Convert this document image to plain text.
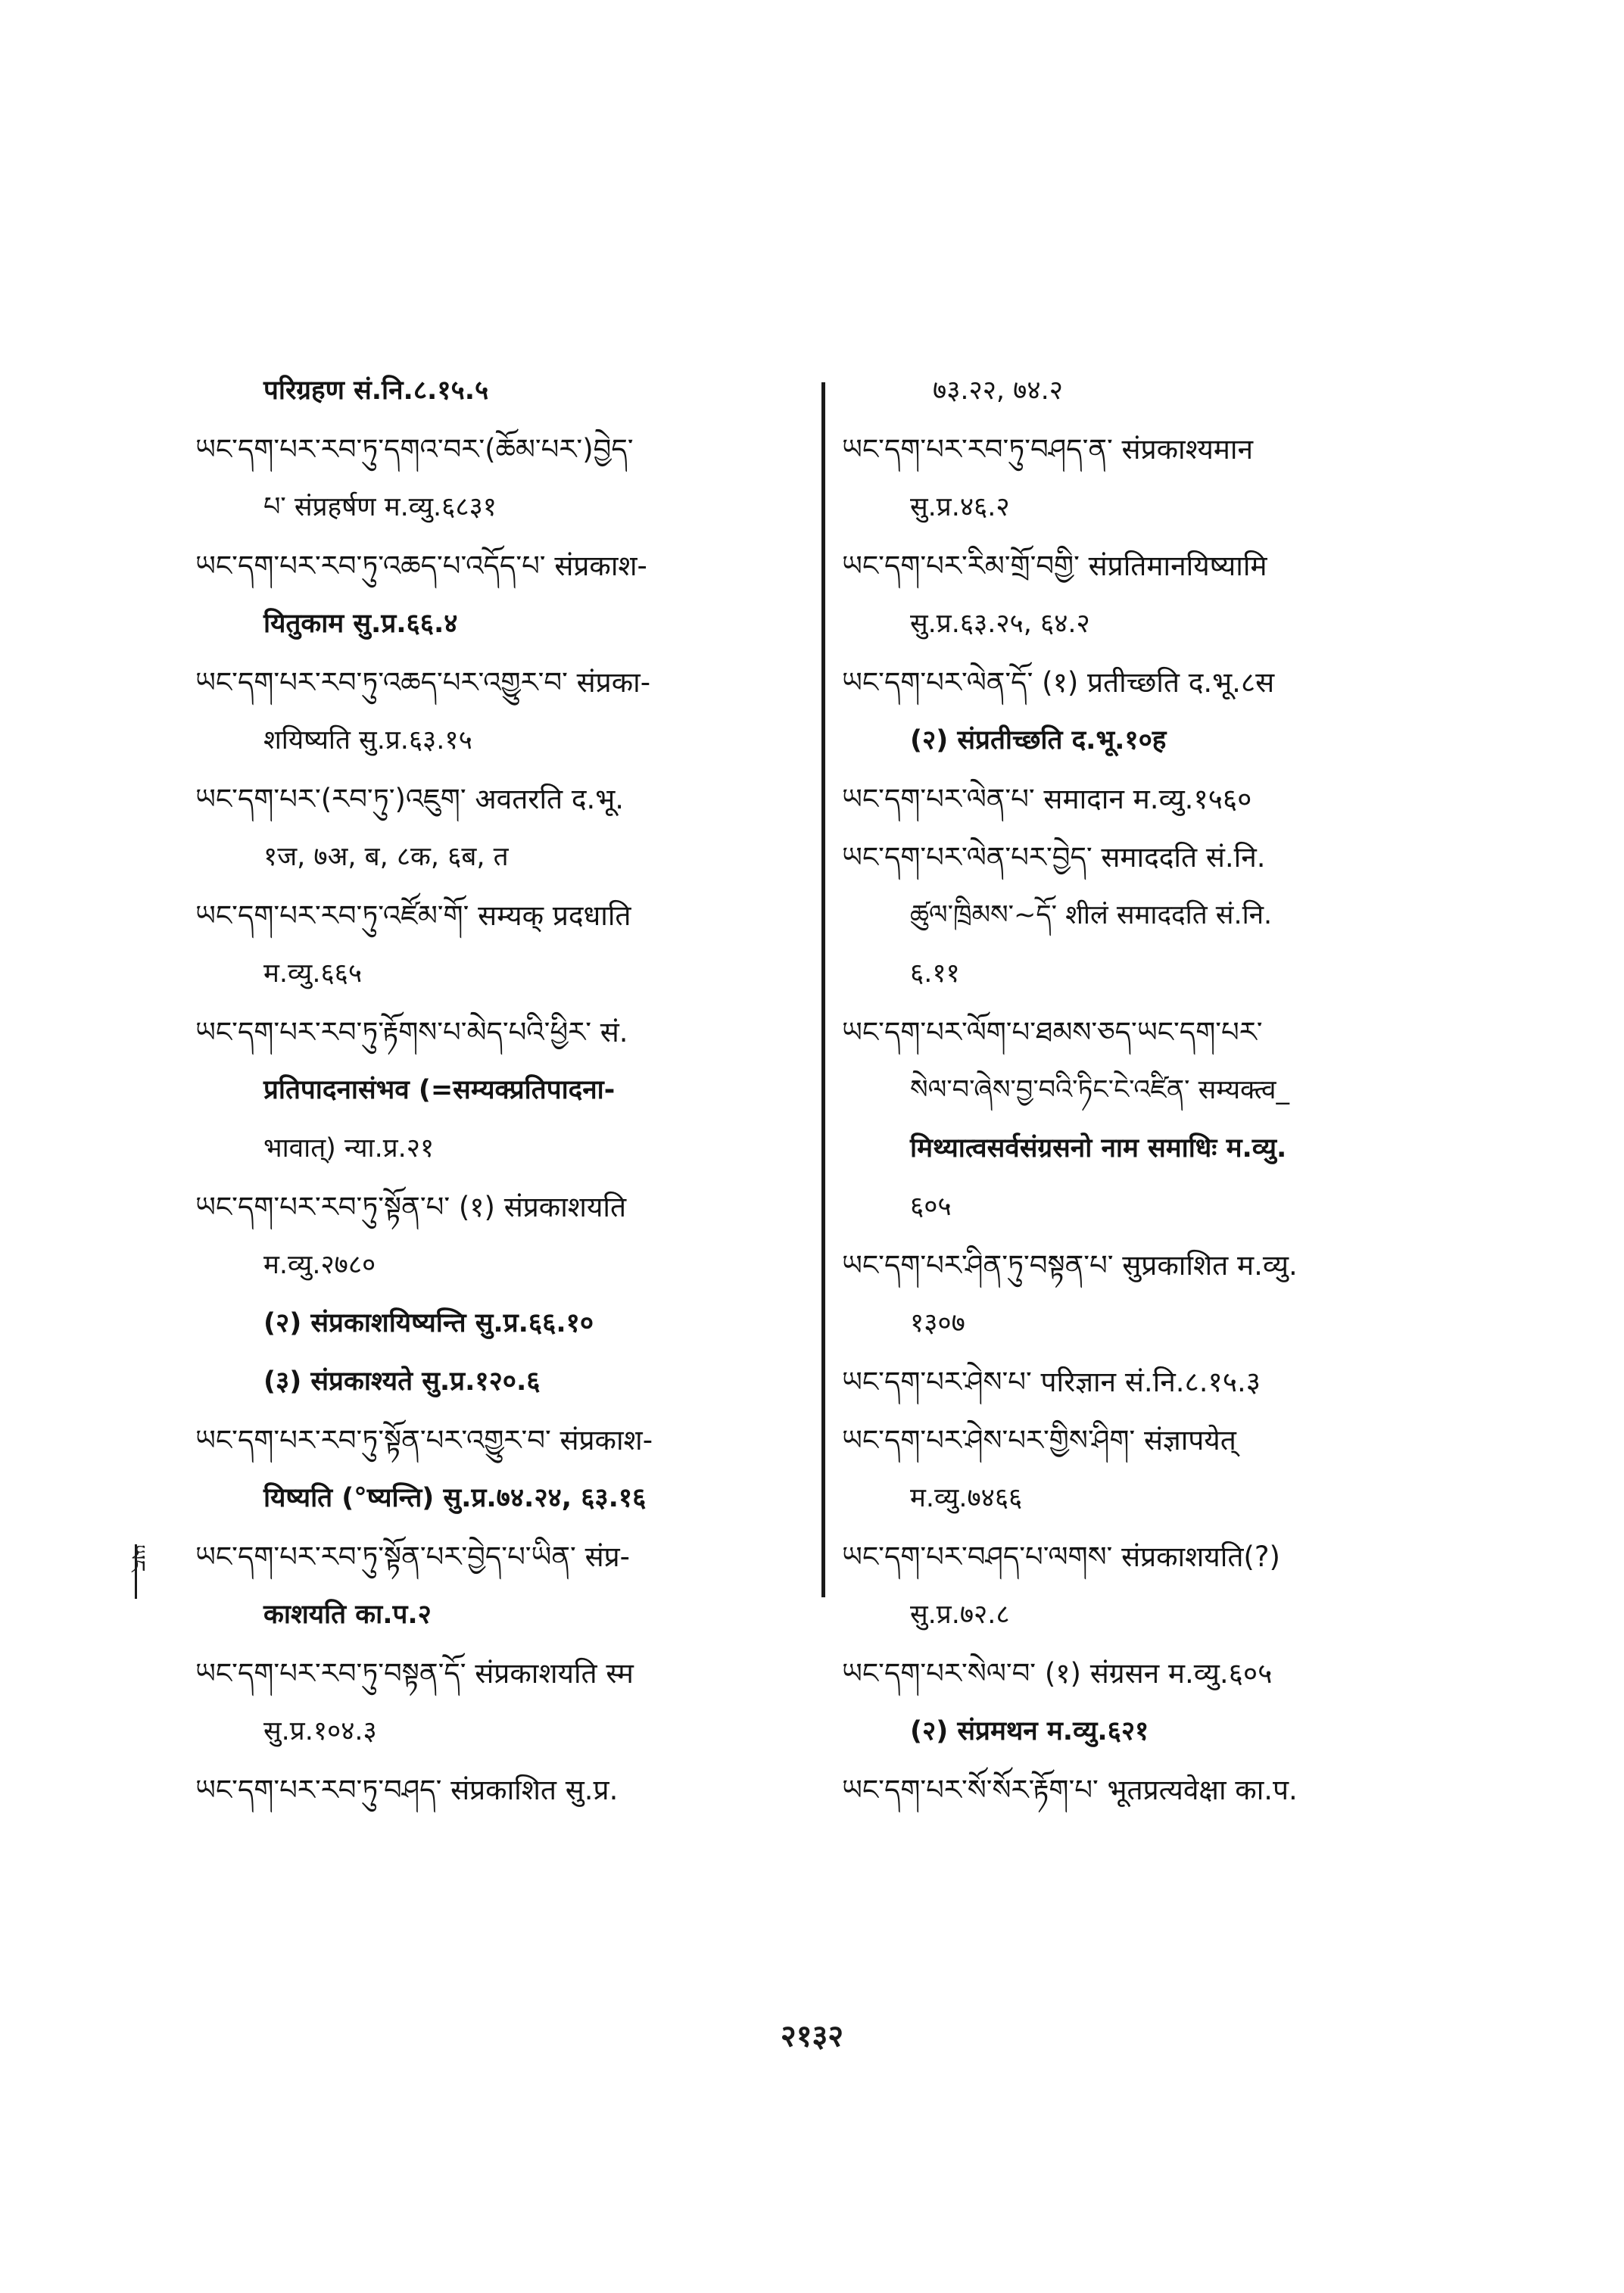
परिग्रहण सं.नि.८.१५.५
ཡང་དག་པར་རབ་ཏུ་དགའ་བར་(ཆོམ་པར་)བྱེད་
པ་ संप्रहर्षण म.व्यु.६८३१
ཡང་དག་པར་རབ་ཏུ་འཆད་པ་འདོད་པ་ संप्रकाश-
यितुकाम सु.प्र.६६.४
ཡང་དག་པར་རབ་ཏུ་འཆད་པར་འགྱུར་བ་ संप्रका-
शयिष्यति सु.प्र.६३.१५
ཡང་དག་པར་(རབ་ཏུ་)འཇུག་ अवतरति द.भू.
१ज, ७अ, ब, ८क, ६ब, त
ཡང་དག་པར་རབ་ཏུ་འཛོམ་གོ་ सम्यक् प्रदधाति
म.व्यु.६६५
ཡང་དག་པར་རབ་ཏུ་རྟོགས་པ་མེད་པའི་ཕྱིར་ सं.
प्रतिपादनासंभव (=सम्यक्प्रतिपादना-
भावात्) न्या.प्र.२१
ཡང་དག་པར་རབ་ཏུ་སྟོན་པ་ (१) संप्रकाशयति
म.व्यु.२७८०
(२) संप्रकाशयिष्यन्ति सु.प्र.६६.१०
(३) संप्रकाश्यते सु.प्र.१२०.६
ཡང་དག་པར་རབ་ཏུ་སྟོན་པར་འགྱུར་བ་ संप्रकाश-
यिष्यति (°ष्यन्ति) सु.प्र.७४.२४, ६३.१६
ཡང་དག་པར་རབ་ཏུ་སྟོན་པར་བྱེད་པ་ཡིན་ संप्र-
काशयति का.प.२
ཡང་དག་པར་རབ་ཏུ་བསྟན་དོ་ संप्रकाशयति स्म
सु.प्र.१०४.३
ཡང་དག་པར་རབ་ཏུ་བཤད་ संप्रकाशित सु.प्र.
७३.२२, ७४.२
ཡང་དག་པར་རབ་ཏུ་བཤད་ན་ संप्रकाश्यमान
सु.प्र.४६.२
ཡང་དག་པར་རིམ་གྲོ་བགྱི་ संप्रतिमानयिष्यामि
सु.प्र.६३.२५, ६४.२
ཡང་དག་པར་ལེན་དོ་ (१) प्रतीच्छति द.भू.८स
(२) संप्रतीच्छति द.भू.१०ह
ཡང་དག་པར་ལེན་པ་ समादान म.व्यु.१५६०
ཡང་དག་པར་ལེན་པར་བྱེད་ समाददति सं.नि.
ཚུལ་ཁྲིམས་~དོ་ शीलं समाददति सं.नि.
६.११
ཡང་དག་པར་ལོག་པ་ཐམས་ཅད་ཡང་དག་པར་
སེལ་བ་ཞེས་བྱ་བའི་ཏིང་ངེ་འཛིན་ सम्यक्त्व_
मिथ्यात्वसर्वसंग्रसनो नाम समाधिः म.व्यु.
६०५
ཡང་དག་པར་ཤིན་ཏུ་བསྟན་པ་ सुप्रकाशित म.व्यु.
१३०७
ཡང་དག་པར་ཤེས་པ་ परिज्ञान सं.नि.८.१५.३
ཡང་དག་པར་ཤེས་པར་གྱིས་ཤིག་ संज्ञापयेत्
म.व्यु.७४६६
ཡང་དག་པར་བཤད་པ་ལགས་ संप्रकाशयति(?)
सु.प्र.७२.८
ཡང་དག་པར་སེལ་བ་ (१) संग्रसन म.व्यु.६०५
(२) संप्रमथन म.व्यु.६२१
ཡང་དག་པར་སོ་སོར་རྟོག་པ་ भूतप्रत्यवेक्षा का.प.
ཡང
२१३२
